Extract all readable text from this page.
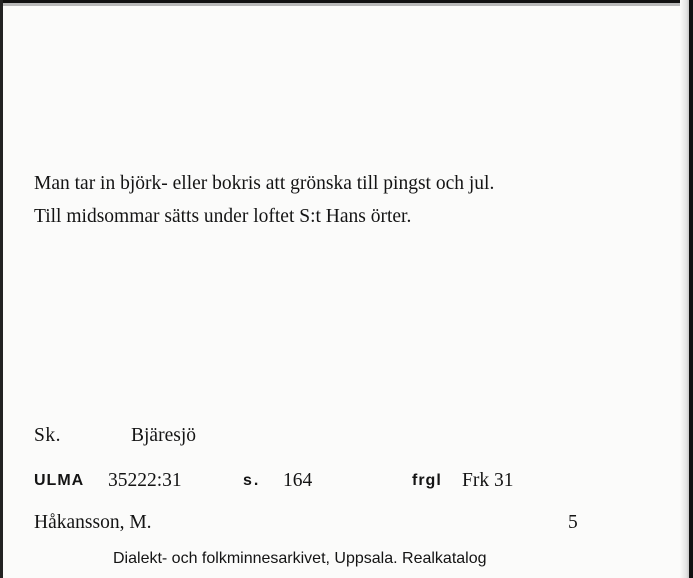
Man tar in björk- eller bokris att grönska till pingst och jul.
Till midsommar sätts under loftet S:t Hans örter.
Sk.	Bjäresjö
ULMA 35222:31	s. 164	frgl Frk 31
Håkansson, M.	5
Dialekt- och folkminnesarkivet, Uppsala. Realkatalog
